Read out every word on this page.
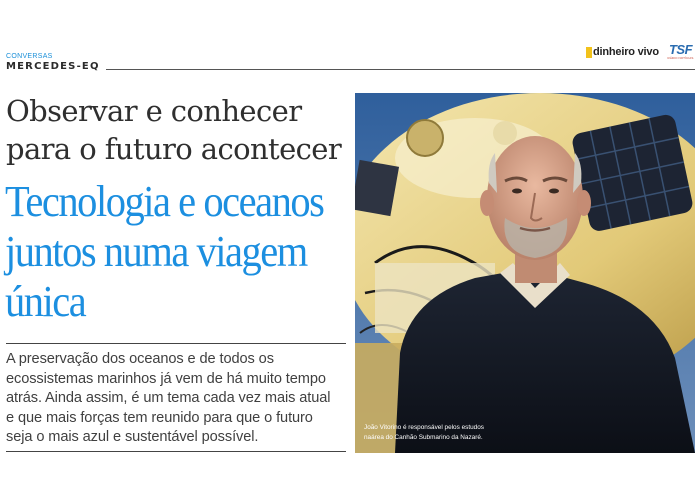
CONVERSAS
MERCEDES-EQ
dinheiro vivo TSF
RÁDIO NOTÍCIAS
Observar e conhecer
para o futuro acontecer
Tecnologia e oceanos
juntos numa viagem
única

A preservação dos oceanos e de todos os
ecossistemas marinhos já vem de há muito tempo
atrás. Ainda assim, é um tema cada vez mais atual
e que mais forças tem reunido para que o futuro
seja o mais azul e sustentável possível.

João Vitorino é responsável pelos estudos
naárea do Canhão Submarino da Nazaré.
